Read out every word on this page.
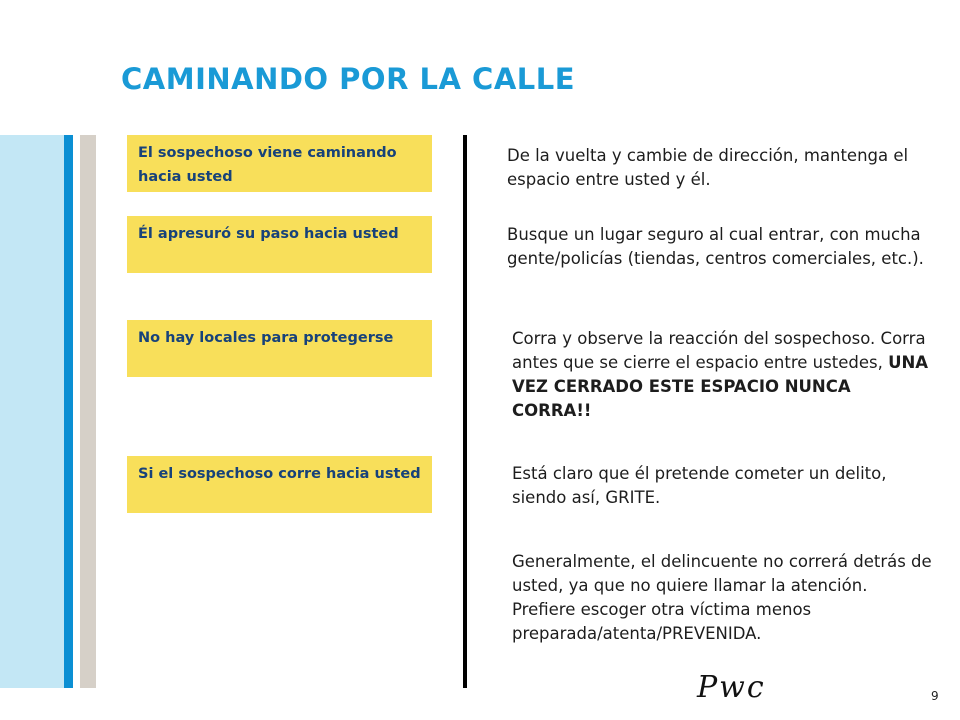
CAMINANDO POR LA CALLE
El sospechoso viene caminando hacia usted
Él apresuró su paso hacia usted
No hay locales para protegerse
Si el sospechoso corre hacia usted
De la vuelta y cambie de dirección, mantenga el espacio entre usted y él.
Busque un lugar seguro al cual entrar, con mucha gente/policías (tiendas, centros comerciales, etc.).
Corra y observe la reacción del sospechoso. Corra antes que se cierre el espacio entre ustedes, UNA VEZ CERRADO ESTE ESPACIO NUNCA CORRA!!
Está claro que él pretende cometer un delito, siendo así, GRITE.
Generalmente, el delincuente no correrá detrás de usted, ya que no quiere llamar la atención. Prefiere escoger otra víctima menos preparada/atenta/PREVENIDA.
Pwc	9
